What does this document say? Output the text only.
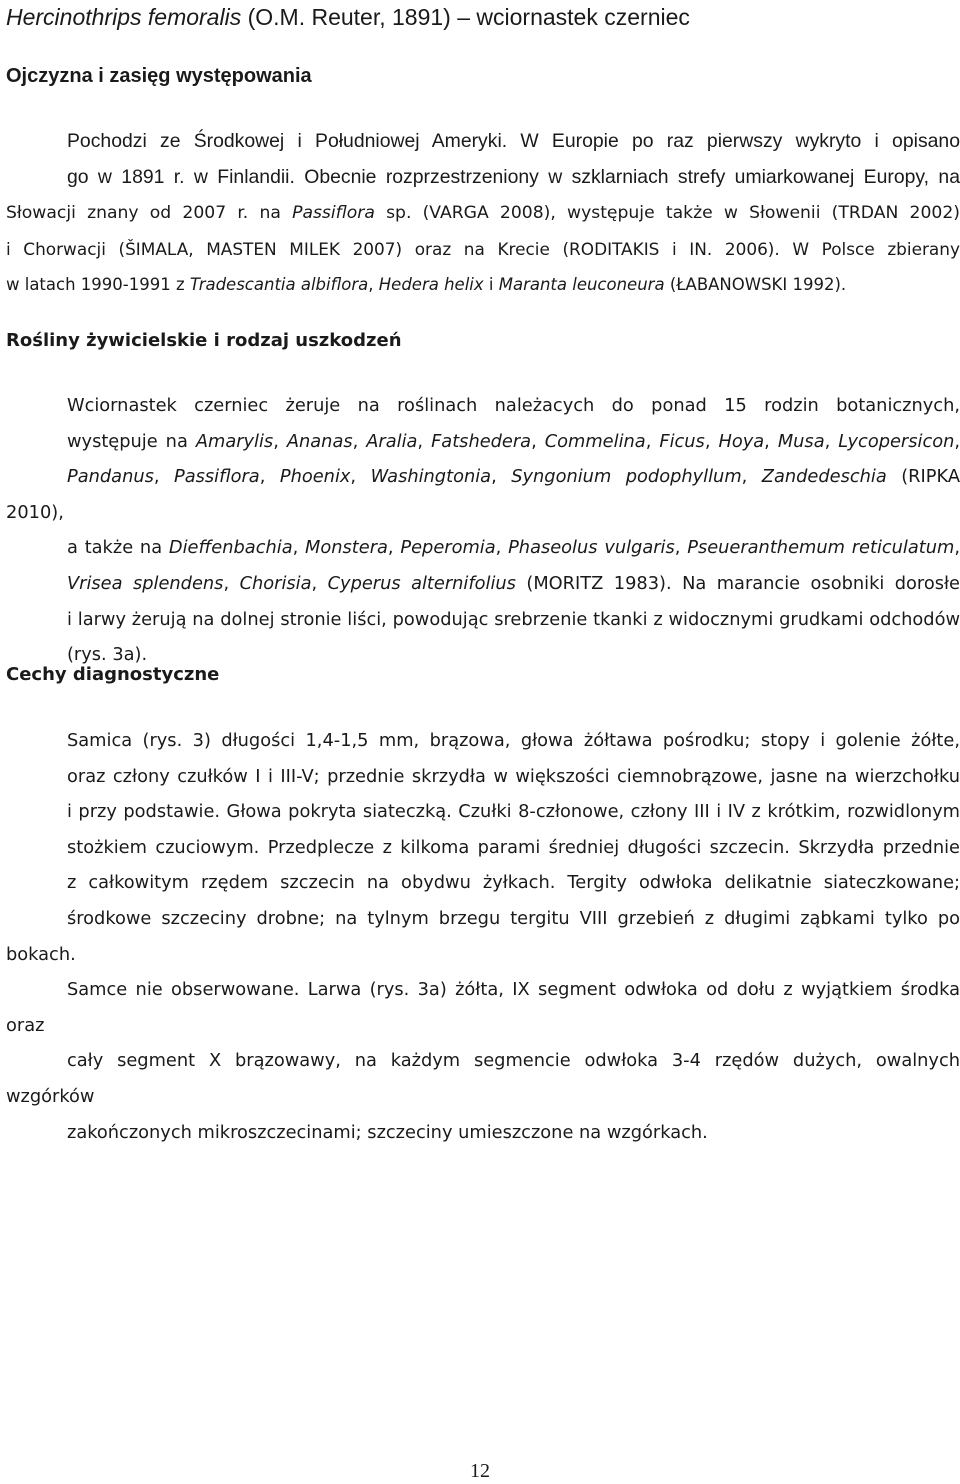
Hercinothrips femoralis (O.M. Reuter, 1891) – wciornastek czerniec
Ojczyzna i zasięg występowania

Pochodzi ze Środkowej i Południowej Ameryki. W Europie po raz pierwszy wykryto i opisano
go w 1891 r. w Finlandii. Obecnie rozprzestrzeniony w szklarniach strefy umiarkowanej Europy, na

Słowacji znany od 2007 r. na Passiflora sp. (VARGA 2008), występuje także w Słowenii (TRDAN 2002)
i Chorwacji (ŠIMALA, MASTEN MILEK 2007) oraz na Krecie (RODITAKIS i IN. 2006). W Polsce zbierany
w latach 1990-1991 z Tradescantia albiflora, Hedera helix i Maranta leuconeura (ŁABANOWSKI 1992).

Rośliny żywicielskie i rodzaj uszkodzeń

Wciornastek czerniec żeruje na roślinach należacych do ponad 15 rodzin botanicznych,
występuje na Amarylis, Ananas, Aralia, Fatshedera, Commelina, Ficus, Hoya, Musa, Lycopersicon,
Pandanus, Passiflora, Phoenix, Washingtonia, Syngonium podophyllum, Zandedeschia (RIPKA 2010),
a także na Dieffenbachia, Monstera, Peperomia, Phaseolus vulgaris, Pseueranthemum reticulatum,
Vrisea splendens, Chorisia, Cyperus alternifolius (MORITZ 1983). Na marancie osobniki dorosłe
i larwy żerują na dolnej stronie liści, powodując srebrzenie tkanki z widocznymi grudkami odchodów
(rys. 3a).

Cechy diagnostyczne

Samica (rys. 3) długości 1,4-1,5 mm, brązowa, głowa żółtawa pośrodku; stopy i golenie żółte,
oraz człony czułków I i III-V; przednie skrzydła w większości ciemnobrązowe, jasne na wierzchołku
i przy podstawie. Głowa pokryta siateczką. Czułki 8-członowe, człony III i IV z krótkim, rozwidlonym
stożkiem czuciowym. Przedplecze z kilkoma parami średniej długości szczecin. Skrzydła przednie
z całkowitym rzędem szczecin na obydwu żyłkach. Tergity odwłoka delikatnie siateczkowane;
środkowe szczeciny drobne; na tylnym brzegu tergitu VIII grzebień z długimi ząbkami tylko po bokach.
Samce nie obserwowane. Larwa (rys. 3a) żółta, IX segment odwłoka od dołu z wyjątkiem środka oraz
cały segment X brązowawy, na każdym segmencie odwłoka 3-4 rzędów dużych, owalnych wzgórków
zakończonych mikroszczecinami; szczeciny umieszczone na wzgórkach.

12
